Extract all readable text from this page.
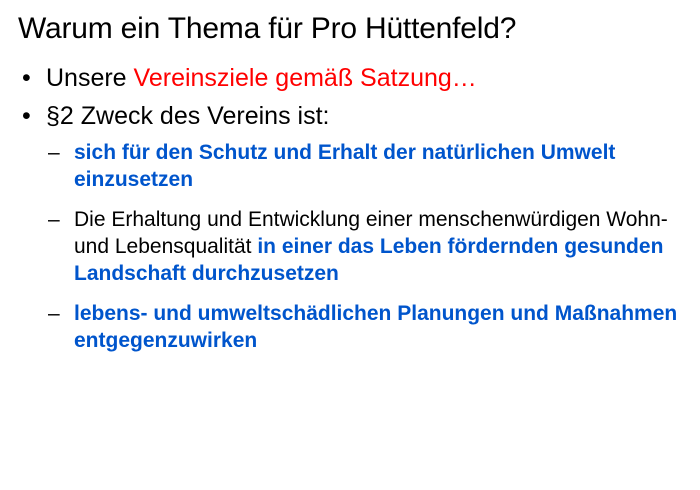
Warum ein Thema für Pro Hüttenfeld?
• Unsere Vereinsziele gemäß Satzung…
• §2 Zweck des Vereins ist:
– sich für den Schutz und Erhalt der natürlichen Umwelt einzusetzen
– Die Erhaltung und Entwicklung einer menschenwürdigen Wohn- und Lebensqualität in einer das Leben fördernden gesunden Landschaft durchzusetzen
– lebens- und umweltschädlichen Planungen und Maßnahmen entgegenzuwirken
